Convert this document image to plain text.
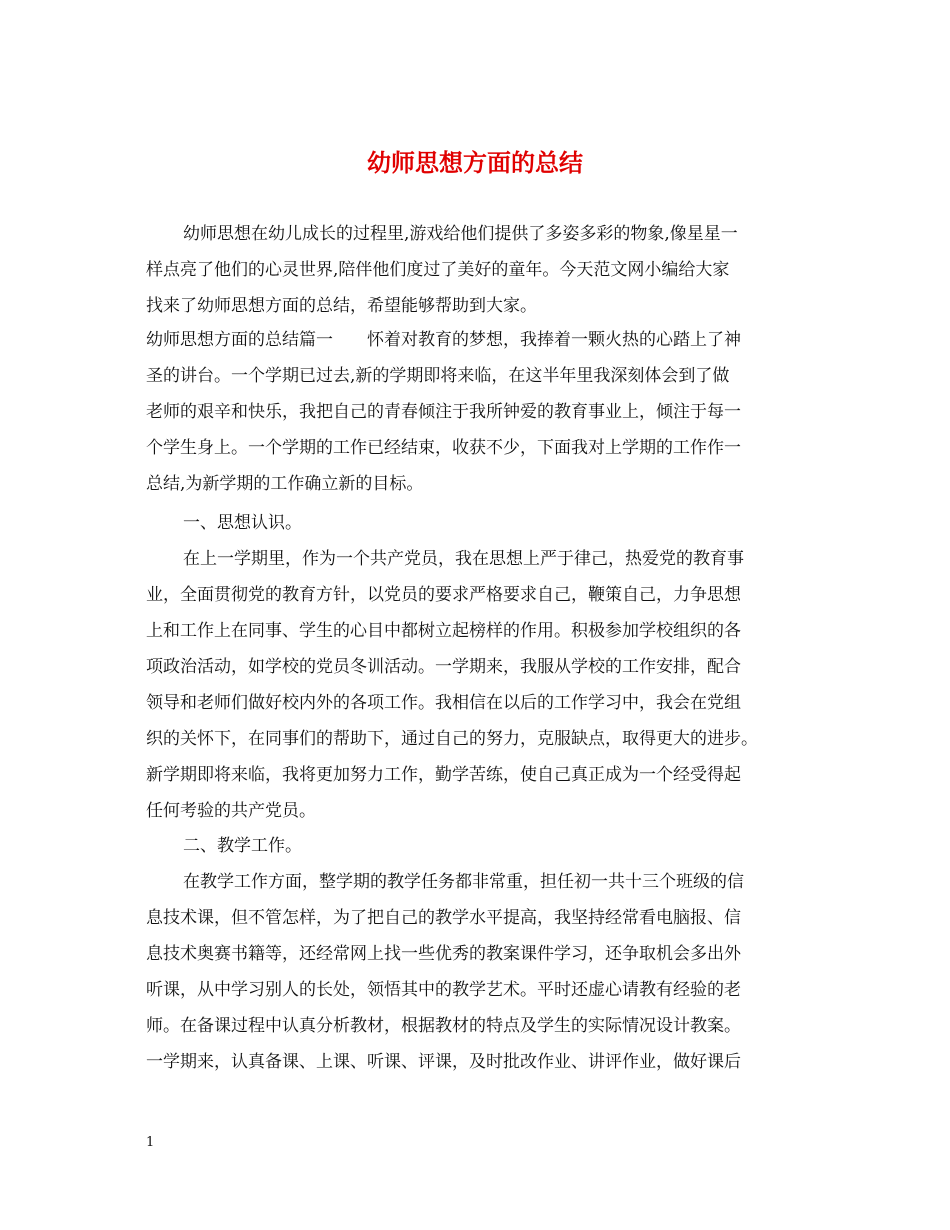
幼师思想方面的总结
幼师思想在幼儿成长的过程里,游戏给他们提供了多姿多彩的物象,像星星一
样点亮了他们的心灵世界,陪伴他们度过了美好的童年。今天范文网小编给大家
找来了幼师思想方面的总结，希望能够帮助到大家。
幼师思想方面的总结篇一　　怀着对教育的梦想，我捧着一颗火热的心踏上了神
圣的讲台。一个学期已过去,新的学期即将来临，在这半年里我深刻体会到了做
老师的艰辛和快乐，我把自己的青春倾注于我所钟爱的教育事业上，倾注于每一
个学生身上。一个学期的工作已经结束，收获不少，下面我对上学期的工作作一
总结,为新学期的工作确立新的目标。
一、思想认识。
在上一学期里，作为一个共产党员，我在思想上严于律己，热爱党的教育事
业，全面贯彻党的教育方针，以党员的要求严格要求自己，鞭策自己，力争思想
上和工作上在同事、学生的心目中都树立起榜样的作用。积极参加学校组织的各
项政治活动，如学校的党员冬训活动。一学期来，我服从学校的工作安排，配合
领导和老师们做好校内外的各项工作。我相信在以后的工作学习中，我会在党组
织的关怀下，在同事们的帮助下，通过自己的努力，克服缺点，取得更大的进步。
新学期即将来临，我将更加努力工作，勤学苦练，使自己真正成为一个经受得起
任何考验的共产党员。
二、教学工作。
在教学工作方面，整学期的教学任务都非常重，担任初一共十三个班级的信
息技术课，但不管怎样，为了把自己的教学水平提高，我坚持经常看电脑报、信
息技术奥赛书籍等，还经常网上找一些优秀的教案课件学习，还争取机会多出外
听课，从中学习别人的长处，领悟其中的教学艺术。平时还虚心请教有经验的老
师。在备课过程中认真分析教材，根据教材的特点及学生的实际情况设计教案。
一学期来，认真备课、上课、听课、评课，及时批改作业、讲评作业，做好课后
1
